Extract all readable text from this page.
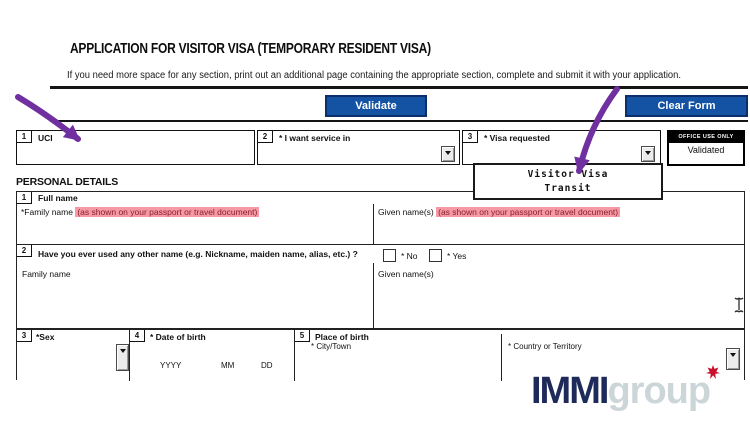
APPLICATION FOR VISITOR VISA (TEMPORARY RESIDENT VISA)
If you need more space for any section, print out an additional page containing the appropriate section, complete and submit it with your application.
Validate	Clear Form
1	UCI	2	* I want service in	3	* Visa requested	OFFICE USE ONLY
Validated
Visitor Visa
Transit
PERSONAL DETAILS
1	Full name
*Family name (as shown on your passport or travel document)	Given name(s) (as shown on your passport or travel document)
2	Have you ever used any other name (e.g. Nickname, maiden name, alias, etc.) ?	* No	* Yes
Family name	Given name(s)
3	*Sex	4	* Date of birth
YYYY	MM	DD
5	Place of birth
* City/Town	* Country or Territory
IMMI group
